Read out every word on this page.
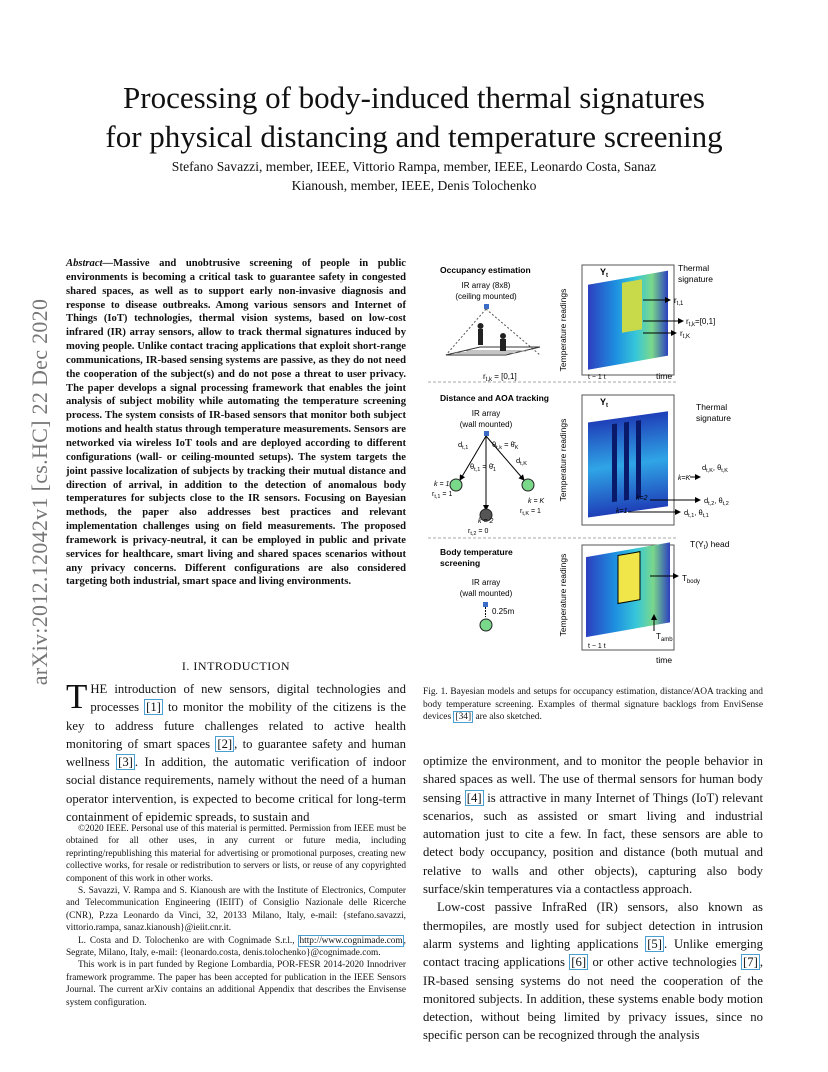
Processing of body-induced thermal signatures
for physical distancing and temperature screening
Stefano Savazzi, member, IEEE, Vittorio Rampa, member, IEEE, Leonardo Costa, Sanaz
Kianoush, member, IEEE, Denis Tolochenko
arXiv:2012.12042v1 [cs.HC] 22 Dec 2020
Abstract—Massive and unobtrusive screening of people in public environments is becoming a critical task to guarantee safety in congested shared spaces, as well as to support early non-invasive diagnosis and response to disease outbreaks. Among various sensors and Internet of Things (IoT) technologies, thermal vision systems, based on low-cost infrared (IR) array sensors, allow to track thermal signatures induced by moving people. Unlike contact tracing applications that exploit short-range communications, IR-based sensing systems are passive, as they do not need the cooperation of the subject(s) and do not pose a threat to user privacy. The paper develops a signal processing framework that enables the joint analysis of subject mobility while automating the temperature screening process. The system consists of IR-based sensors that monitor both subject motions and health status through temperature measurements. Sensors are networked via wireless IoT tools and are deployed according to different configurations (wall- or ceiling-mounted setups). The system targets the joint passive localization of subjects by tracking their mutual distance and direction of arrival, in addition to the detection of anomalous body temperatures for subjects close to the IR sensors. Focusing on Bayesian methods, the paper also addresses best practices and relevant implementation challenges using on field measurements. The proposed framework is privacy-neutral, it can be employed in public and private services for healthcare, smart living and shared spaces scenarios without any privacy concerns. Different configurations are also considered targeting both industrial, smart space and living environments.
I. INTRODUCTION
THE introduction of new sensors, digital technologies and processes [1] to monitor the mobility of the citizens is the key to address future challenges related to active health monitoring of smart spaces [2] , to guarantee safety and human wellness [3] . In addition, the automatic verification of indoor social distance requirements, namely without the need of a human operator intervention, is expected to become critical for long-term containment of epidemic spreads, to sustain and

©2020 IEEE. Personal use of this material is permitted. Permission from IEEE must be obtained for all other uses, in any current or future media, including reprinting/republishing this material for advertising or promotional purposes, creating new collective works, for resale or redistribution to servers or lists, or reuse of any copyrighted component of this work in other works.

S. Savazzi, V. Rampa and S. Kianoush are with the Institute of Electronics, Computer and Telecommunication Engineering (IEIIT) of Consiglio Nazionale delle Ricerche (CNR), P.zza Leonardo da Vinci, 32, 20133 Milano, Italy, e-mail: {stefano.savazzi, vittorio.rampa, sanaz.kianoush}@ieiit.cnr.it.

L. Costa and D. Tolochenko are with Cognimade S.r.l., http://www.cognimade.com, Segrate, Milano, Italy, e-mail: {leonardo.costa, denis.tolochenko}@cognimade.com.

This work is in part funded by Regione Lombardia, POR-FESR 2014-2020 Innodriver framework programme. The paper has been accepted for publication in the IEEE Sensors Journal. The current arXiv contains an additional Appendix that describes the Envisense system configuration.

Occupancy estimation
IR array (8x8)
(ceiling mounted)
$r_{t,k} = [0,1]$
Temperature readings
$Y_t$
Thermal
signature
$r_{t,1}$
$r_{t,k}=[0,1]$
$r_{t,K}$
t − 1 t	time
Distance and AOA tracking
IR array
(wall mounted)
$d_{t,1}$	$\theta_{t,k}$ = $\thetā_K$
$d_{t,K}$
$\theta_{t,1}$ = $\thetā_1$
k = 1
$r_{t,1} = 1$
k = K
$r_{t,K} = 1$
k = 2
$r_{t,2} = 0$
Temperature readings
$Y_t$	Thermal
signature
k=K
$d_{t,K}$, $\theta_{t,K}$
k=2	$d_{t,2}$, $\theta_{t,2}$
k=1	$d_{t,1}$, $\theta_{t,1}$
Body temperature
screening
IR array
(wall mounted)
0.25m	Temperature readings
$T(Y_t)$ head
$T_{body}$
$T_{amb}$
t − 1 t
time
Fig. 1. Bayesian models and setups for occupancy estimation, distance/AOA tracking and body temperature screening. Examples of thermal signature backlogs from EnviSense devices [34] are also sketched.
optimize the environment, and to monitor the people behavior in shared spaces as well. The use of thermal sensors for human body sensing [4] is attractive in many Internet of Things (IoT) relevant scenarios, such as assisted or smart living and industrial automation just to cite a few. In fact, these sensors are able to detect body occupancy, position and distance (both mutual and relative to walls and other objects), capturing also body surface/skin temperatures via a contactless approach.
Low-cost passive InfraRed (IR) sensors, also known as thermopiles, are mostly used for subject detection in intrusion alarm systems and lighting applications [5] . Unlike emerging contact tracing applications [6] or other active technologies [7] , IR-based sensing systems do not need the cooperation of the monitored subjects. In addition, these systems enable body motion detection, without being limited by privacy issues, since no specific person can be recognized through the analysis
